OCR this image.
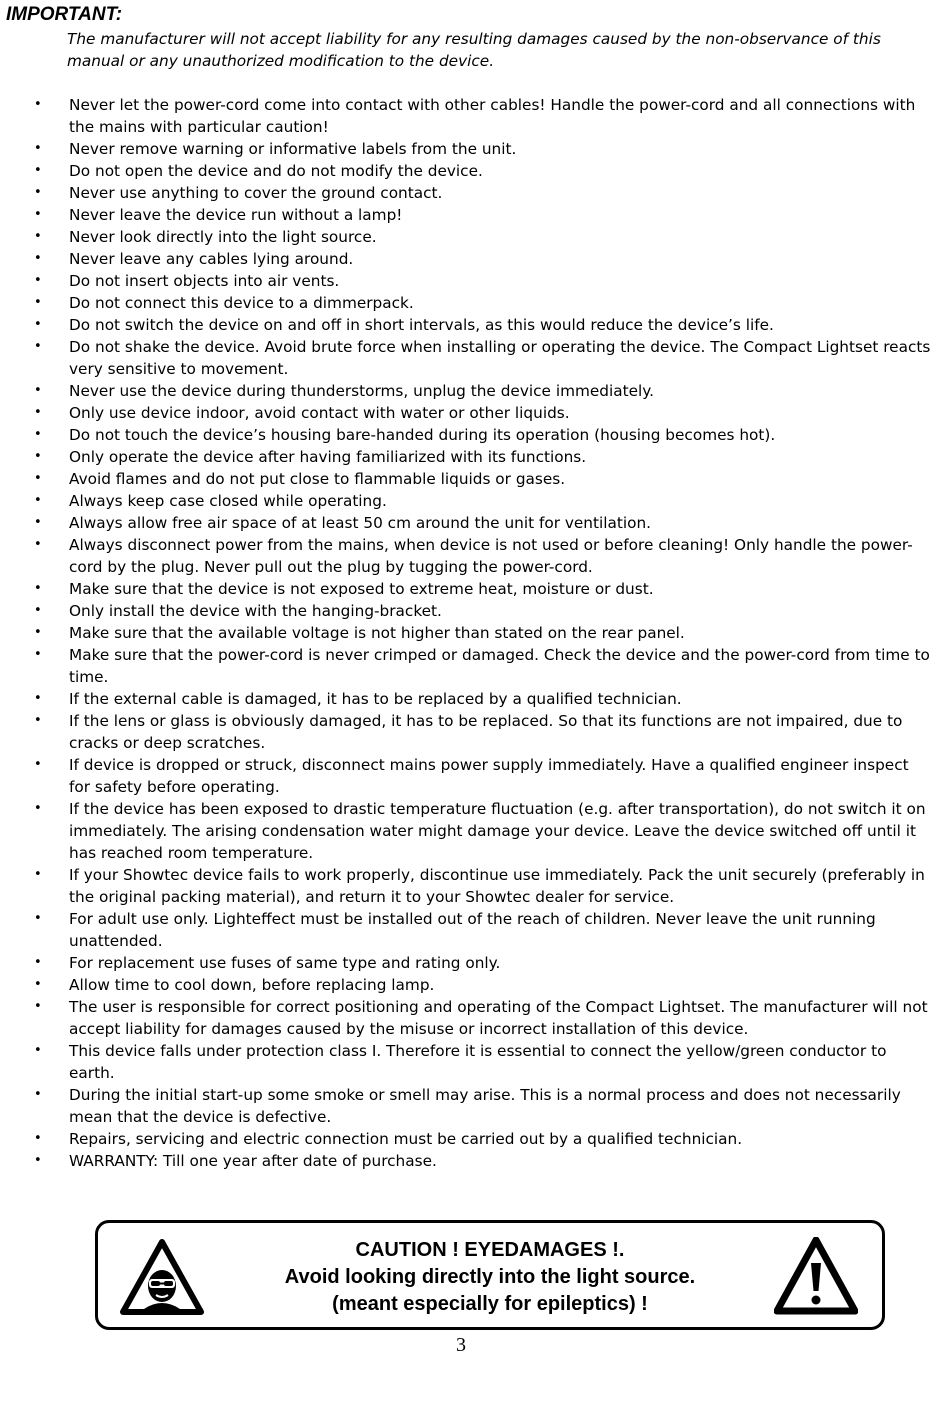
IMPORTANT:
The manufacturer will not accept liability for any resulting damages caused by the non-observance of this manual or any unauthorized modification to the device.
• Never let the power-cord come into contact with other cables! Handle the power-cord and all connections with the mains with particular caution!
• Never remove warning or informative labels from the unit.
• Do not open the device and do not modify the device.
• Never use anything to cover the ground contact.
• Never leave the device run without a lamp!
• Never look directly into the light source.
• Never leave any cables lying around.
• Do not insert objects into air vents.
• Do not connect this device to a dimmerpack.
• Do not switch the device on and off in short intervals, as this would reduce the device’s life.
• Do not shake the device. Avoid brute force when installing or operating the device. The Compact Lightset reacts very sensitive to movement.
• Never use the device during thunderstorms, unplug the device immediately.
• Only use device indoor, avoid contact with water or other liquids.
• Do not touch the device’s housing bare-handed during its operation (housing becomes hot).
• Only operate the device after having familiarized with its functions.
• Avoid flames and do not put close to flammable liquids or gases.
• Always keep case closed while operating.
• Always allow free air space of at least 50 cm around the unit for ventilation.
• Always disconnect power from the mains, when device is not used or before cleaning! Only handle the power-cord by the plug. Never pull out the plug by tugging the power-cord.
• Make sure that the device is not exposed to extreme heat, moisture or dust.
• Only install the device with the hanging-bracket.
• Make sure that the available voltage is not higher than stated on the rear panel.
• Make sure that the power-cord is never crimped or damaged. Check the device and the power-cord from time to time.
• If the external cable is damaged, it has to be replaced by a qualified technician.
• If the lens or glass is obviously damaged, it has to be replaced. So that its functions are not impaired, due to cracks or deep scratches.
• If device is dropped or struck, disconnect mains power supply immediately. Have a qualified engineer inspect for safety before operating.
• If the device has been exposed to drastic temperature fluctuation (e.g. after transportation), do not switch it on immediately. The arising condensation water might damage your device. Leave the device switched off until it has reached room temperature.
• If your Showtec device fails to work properly, discontinue use immediately. Pack the unit securely (preferably in the original packing material), and return it to your Showtec dealer for service.
• For adult use only. Lighteffect must be installed out of the reach of children. Never leave the unit running unattended.
• For replacement use fuses of same type and rating only.
• Allow time to cool down, before replacing lamp.
• The user is responsible for correct positioning and operating of the Compact Lightset. The manufacturer will not accept liability for damages caused by the misuse or incorrect installation of this device.
• This device falls under protection class I. Therefore it is essential to connect the yellow/green conductor to earth.
• During the initial start-up some smoke or smell may arise. This is a normal process and does not necessarily mean that the device is defective.
• Repairs, servicing and electric connection must be carried out by a qualified technician.
• WARRANTY: Till one year after date of purchase.
CAUTION ! EYEDAMAGES !.
Avoid looking directly into the light source.
(meant especially for epileptics) !
3
